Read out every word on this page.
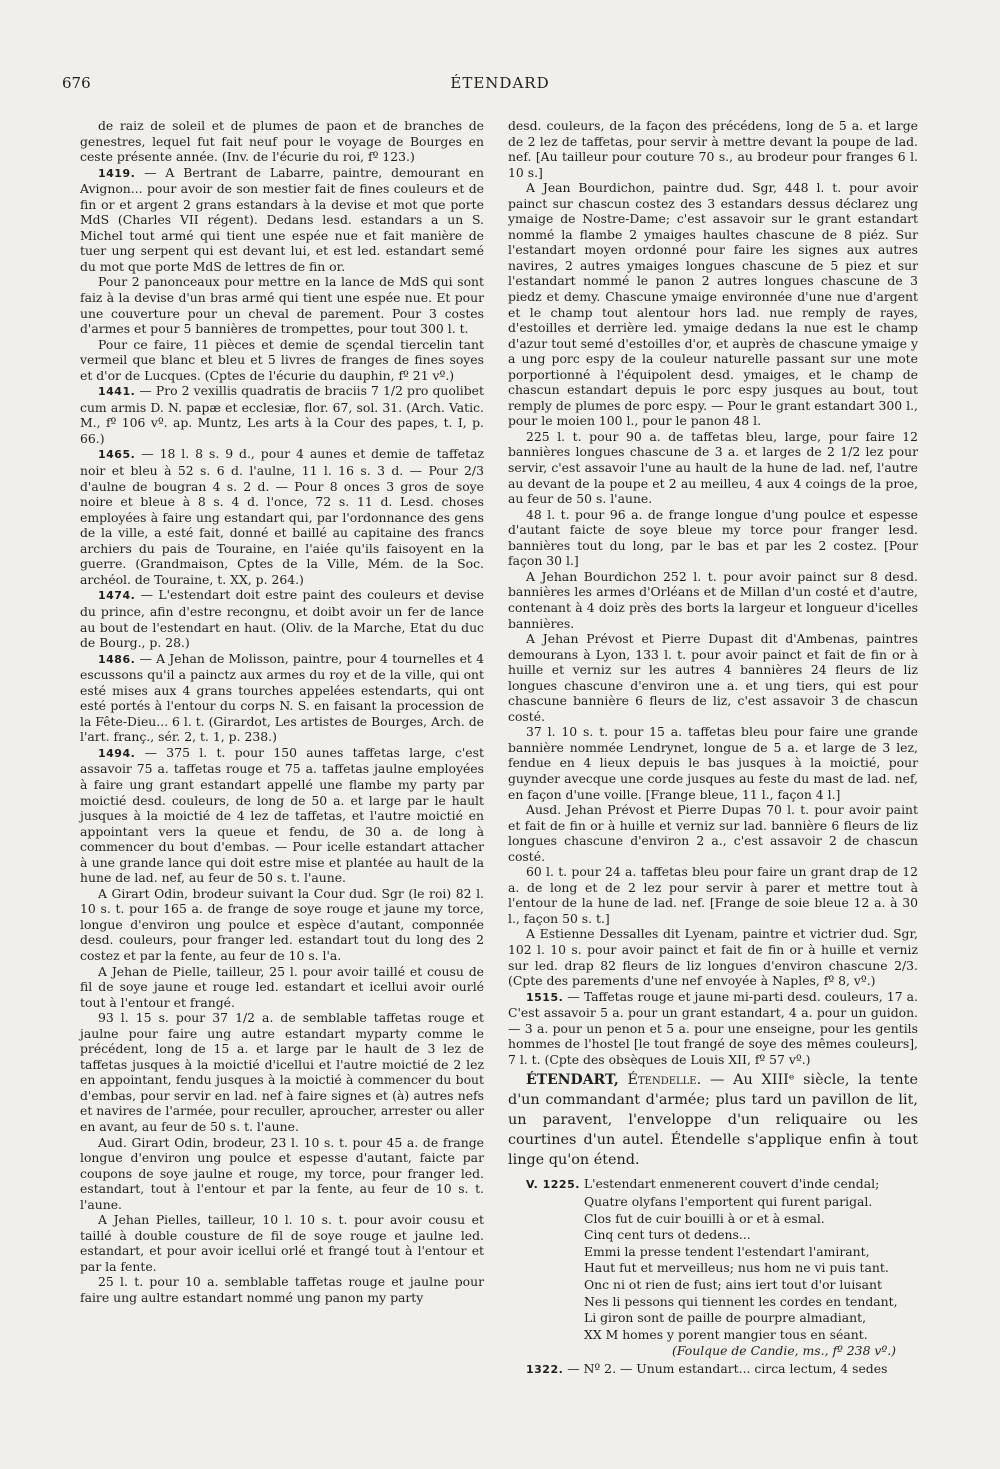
676	ÉTENDARD

de raiz de soleil et de plumes de paon et de branches de genestres, lequel fut fait neuf pour le voyage de Bourges en ceste présente année. (Inv. de l'écurie du roi, fº 123.)

1419. — A Bertrant de Labarre, paintre, demourant en Avignon... pour avoir de son mestier fait de fines couleurs et de fin or et argent 2 grans estandars à la devise et mot que porte MdS (Charles VII régent). Dedans lesd. estandars a un S. Michel tout armé qui tient une espée nue et fait manière de tuer ung serpent qui est devant lui, et est led. estandart semé du mot que porte MdS de lettres de fin or.

Pour 2 panonceaux pour mettre en la lance de MdS qui sont faiz à la devise d'un bras armé qui tient une espée nue. Et pour une couverture pour un cheval de parement. Pour 3 costes d'armes et pour 5 bannières de trompettes, pour tout 300 l. t.

Pour ce faire, 11 pièces et demie de sçendal tiercelin tant vermeil que blanc et bleu et 5 livres de franges de fines soyes et d'or de Lucques. (Cptes de l'écurie du dauphin, fº 21 vº.)

1441. — Pro 2 vexillis quadratis de braciis 7 1/2 pro quolibet cum armis D. N. papæ et ecclesiæ, flor. 67, sol. 31. (Arch. Vatic. M., fº 106 vº. ap. Muntz, Les arts à la Cour des papes, t. I, p. 66.)

1465. — 18 l. 8 s. 9 d., pour 4 aunes et demie de taffetaz noir et bleu à 52 s. 6 d. l'aulne, 11 l. 16 s. 3 d. — Pour 2/3 d'aulne de bougran 4 s. 2 d. — Pour 8 onces 3 gros de soye noire et bleue à 8 s. 4 d. l'once, 72 s. 11 d. Lesd. choses employées à faire ung estandart qui, par l'ordonnance des gens de la ville, a esté fait, donné et baillé au capitaine des francs archiers du pais de Touraine, en l'aiée qu'ils faisoyent en la guerre. (Grandmaison, Cptes de la Ville, Mém. de la Soc. archéol. de Touraine, t. XX, p. 264.)

1474. — L'estendart doit estre paint des couleurs et devise du prince, afin d'estre recongnu, et doibt avoir un fer de lance au bout de l'estendart en haut. (Oliv. de la Marche, Etat du duc de Bourg., p. 28.)

1486. — A Jehan de Molisson, paintre, pour 4 tournelles et 4 escussons qu'il a painctz aux armes du roy et de la ville, qui ont esté mises aux 4 grans tourches appelées estendarts, qui ont esté portés à l'entour du corps N. S. en faisant la procession de la Fête-Dieu... 6 l. t. (Girardot, Les artistes de Bourges, Arch. de l'art. franç., sér. 2, t. 1, p. 238.)

1494. — 375 l. t. pour 150 aunes taffetas large, c'est assavoir 75 a. taffetas rouge et 75 a. taffetas jaulne employées à faire ung grant estandart appellé une flambe my party par moictié desd. couleurs, de long de 50 a. et large par le hault jusques à la moictié de 4 lez de taffetas, et l'autre moictié en appointant vers la queue et fendu, de 30 a. de long à commencer du bout d'embas. — Pour icelle estandart attacher à une grande lance qui doit estre mise et plantée au hault de la hune de lad. nef, au feur de 50 s. t. l'aune.

A Girart Odin, brodeur suivant la Cour dud. Sgr (le roi) 82 l. 10 s. t. pour 165 a. de frange de soye rouge et jaune my torce, longue d'environ ung poulce et espèce d'autant, componnée desd. couleurs, pour franger led. estandart tout du long des 2 costez et par la fente, au feur de 10 s. l'a.

A Jehan de Pielle, tailleur, 25 l. pour avoir taillé et cousu de fil de soye jaune et rouge led. estandart et icellui avoir ourlé tout à l'entour et frangé.

93 l. 15 s. pour 37 1/2 a. de semblable taffetas rouge et jaulne pour faire ung autre estandart myparty comme le précédent, long de 15 a. et large par le hault de 3 lez de taffetas jusques à la moictié d'icellui et l'autre moictié de 2 lez en appointant, fendu jusques à la moictié à commencer du bout d'embas, pour servir en lad. nef à faire signes et (à) autres nefs et navires de l'armée, pour reculler, aproucher, arrester ou aller en avant, au feur de 50 s. t. l'aune.

Aud. Girart Odin, brodeur, 23 l. 10 s. t. pour 45 a. de frange longue d'environ ung poulce et espesse d'autant, faicte par coupons de soye jaulne et rouge, my torce, pour franger led. estandart, tout à l'entour et par la fente, au feur de 10 s. t. l'aune.

A Jehan Pielles, tailleur, 10 l. 10 s. t. pour avoir cousu et taillé à double cousture de fil de soye rouge et jaulne led. estandart, et pour avoir icellui orlé et frangé tout à l'entour et par la fente.

25 l. t. pour 10 a. semblable taffetas rouge et jaulne pour faire ung aultre estandart nommé ung panon my party

desd. couleurs, de la façon des précédens, long de 5 a. et large de 2 lez de taffetas, pour servir à mettre devant la poupe de lad. nef. [Au tailleur pour couture 70 s., au brodeur pour franges 6 l. 10 s.]

A Jean Bourdichon, paintre dud. Sgr, 448 l. t. pour avoir painct sur chascun costez des 3 estandars dessus déclarez ung ymaige de Nostre-Dame; c'est assavoir sur le grant estandart nommé la flambe 2 ymaiges haultes chascune de 8 piéz. Sur l'estandart moyen ordonné pour faire les signes aux autres navires, 2 autres ymaiges longues chascune de 5 piez et sur l'estandart nommé le panon 2 autres longues chascune de 3 piedz et demy. Chascune ymaige environnée d'une nue d'argent et le champ tout alentour hors lad. nue remply de rayes, d'estoilles et derrière led. ymaige dedans la nue est le champ d'azur tout semé d'estoilles d'or, et auprès de chascune ymaige y a ung porc espy de la couleur naturelle passant sur une mote porportionné à l'équipolent desd. ymaiges, et le champ de chascun estandart depuis le porc espy jusques au bout, tout remply de plumes de porc espy. — Pour le grant estandart 300 l., pour le moien 100 l., pour le panon 48 l.

225 l. t. pour 90 a. de taffetas bleu, large, pour faire 12 bannières longues chascune de 3 a. et larges de 2 1/2 lez pour servir, c'est assavoir l'une au hault de la hune de lad. nef, l'autre au devant de la poupe et 2 au meilleu, 4 aux 4 coings de la proe, au feur de 50 s. l'aune.

48 l. t. pour 96 a. de frange longue d'ung poulce et espesse d'autant faicte de soye bleue my torce pour franger lesd. bannières tout du long, par le bas et par les 2 costez. [Pour façon 30 l.]

A Jehan Bourdichon 252 l. t. pour avoir painct sur 8 desd. bannières les armes d'Orléans et de Millan d'un costé et d'autre, contenant à 4 doiz près des borts la largeur et longueur d'icelles bannières.

A Jehan Prévost et Pierre Dupast dit d'Ambenas, paintres demourans à Lyon, 133 l. t. pour avoir painct et fait de fin or à huille et verniz sur les autres 4 bannières 24 fleurs de liz longues chascune d'environ une a. et ung tiers, qui est pour chascune bannière 6 fleurs de liz, c'est assavoir 3 de chascun costé.

37 l. 10 s. t. pour 15 a. taffetas bleu pour faire une grande bannière nommée Lendrynet, longue de 5 a. et large de 3 lez, fendue en 4 lieux depuis le bas jusques à la moictié, pour guynder avecque une corde jusques au feste du mast de lad. nef, en façon d'une voille. [Frange bleue, 11 l., façon 4 l.]

Ausd. Jehan Prévost et Pierre Dupas 70 l. t. pour avoir paint et fait de fin or à huille et verniz sur lad. bannière 6 fleurs de liz longues chascune d'environ 2 a., c'est assavoir 2 de chascun costé.

60 l. t. pour 24 a. taffetas bleu pour faire un grant drap de 12 a. de long et de 2 lez pour servir à parer et mettre tout à l'entour de la hune de lad. nef. [Frange de soie bleue 12 a. à 30 l., façon 50 s. t.]

A Estienne Dessalles dit Lyenam, paintre et victrier dud. Sgr, 102 l. 10 s. pour avoir painct et fait de fin or à huille et verniz sur led. drap 82 fleurs de liz longues d'environ chascune 2/3. (Cpte des parements d'une nef envoyée à Naples, fº 8, vº.)

1515. — Taffetas rouge et jaune mi-parti desd. couleurs, 17 a. C'est assavoir 5 a. pour un grant estandart, 4 a. pour un guidon. — 3 a. pour un penon et 5 a. pour une enseigne, pour les gentils hommes de l'hostel [le tout frangé de soye des mêmes couleurs], 7 l. t. (Cpte des obsèques de Louis XII, fº 57 vº.)

ÉTENDART, Étendelle. — Au XIIIᵉ siècle, la tente d'un commandant d'armée; plus tard un pavillon de lit, un paravent, l'enveloppe d'un reliquaire ou les courtines d'un autel. Étendelle s'applique enfin à tout linge qu'on étend.

V. 1225. L'estendart enmenerent couvert d'inde cendal;

Quatre olyfans l'emportent qui furent parigal.

Clos fut de cuir bouilli à or et à esmal.

Cinq cent turs ot dedens...

Emmi la presse tendent l'estendart l'amirant,

Haut fut et merveilleus; nus hom ne vi puis tant.

Onc ni ot rien de fust; ains iert tout d'or luisant

Nes li pessons qui tiennent les cordes en tendant,

Li giron sont de paille de pourpre almadiant,

XX M homes y porent mangier tous en séant.

(Foulque de Candie, ms., fº 238 vº.)

1322. — Nº 2. — Unum estandart... circa lectum, 4 sedes
